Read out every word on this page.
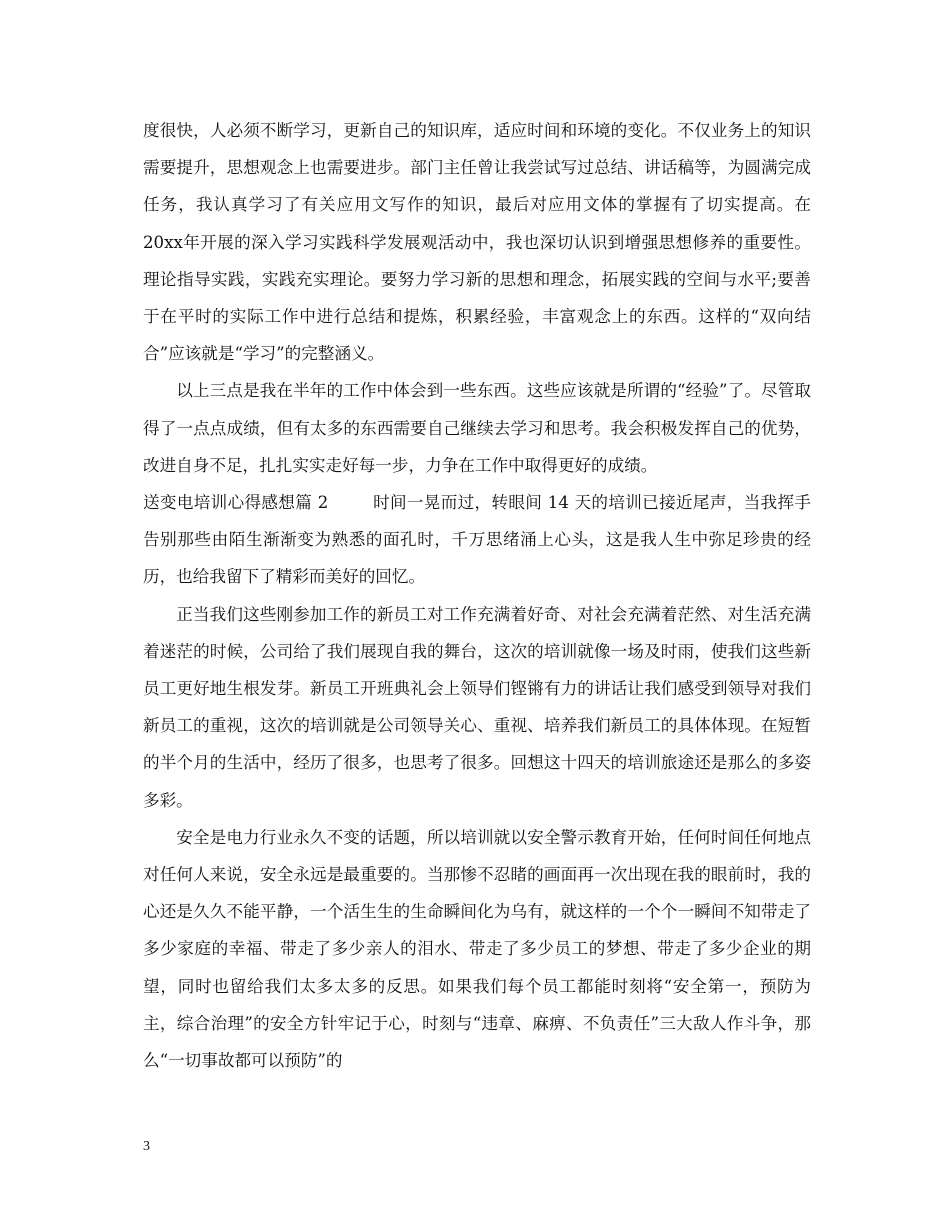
度很快，人必须不断学习，更新自己的知识库，适应时间和环境的变化。不仅业务上的知识需要提升，思想观念上也需要进步。部门主任曾让我尝试写过总结、讲话稿等，为圆满完成任务，我认真学习了有关应用文写作的知识，最后对应用文体的掌握有了切实提高。在20xx年开展的深入学习实践科学发展观活动中，我也深切认识到增强思想修养的重要性。理论指导实践，实践充实理论。要努力学习新的思想和理念，拓展实践的空间与水平;要善于在平时的实际工作中进行总结和提炼，积累经验，丰富观念上的东西。这样的“双向结合”应该就是“学习”的完整涵义。

以上三点是我在半年的工作中体会到一些东西。这些应该就是所谓的“经验”了。尽管取得了一点点成绩，但有太多的东西需要自己继续去学习和思考。我会积极发挥自己的优势，改进自身不足，扎扎实实走好每一步，力争在工作中取得更好的成绩。

送变电培训心得感想篇 2	时间一晃而过，转眼间 14 天的培训已接近尾声，当我挥手告别那些由陌生渐渐变为熟悉的面孔时，千万思绪涌上心头，这是我人生中弥足珍贵的经历，也给我留下了精彩而美好的回忆。

正当我们这些刚参加工作的新员工对工作充满着好奇、对社会充满着茫然、对生活充满着迷茫的时候，公司给了我们展现自我的舞台，这次的培训就像一场及时雨，使我们这些新员工更好地生根发芽。新员工开班典礼会上领导们铿锵有力的讲话让我们感受到领导对我们新员工的重视，这次的培训就是公司领导关心、重视、培养我们新员工的具体体现。在短暂的半个月的生活中，经历了很多，也思考了很多。回想这十四天的培训旅途还是那么的多姿多彩。

安全是电力行业永久不变的话题，所以培训就以安全警示教育开始，任何时间任何地点对任何人来说，安全永远是最重要的。当那惨不忍睹的画面再一次出现在我的眼前时，我的心还是久久不能平静，一个活生生的生命瞬间化为乌有，就这样的一个个一瞬间不知带走了多少家庭的幸福、带走了多少亲人的泪水、带走了多少员工的梦想、带走了多少企业的期望，同时也留给我们太多太多的反思。如果我们每个员工都能时刻将“安全第一，预防为主，综合治理”的安全方针牢记于心，时刻与“违章、麻痹、不负责任”三大敌人作斗争，那么“一切事故都可以预防”的

3
